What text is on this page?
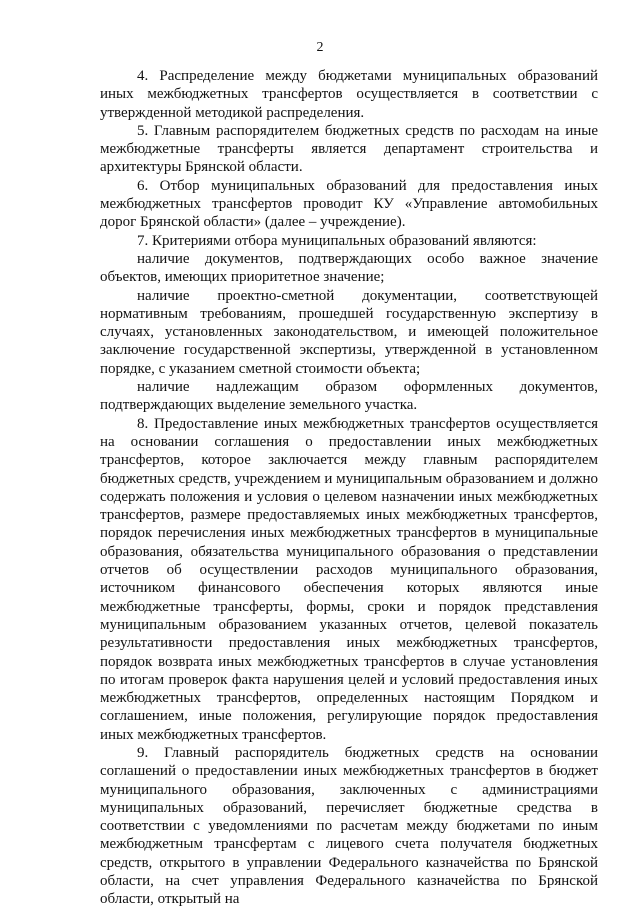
2

4. Распределение между бюджетами муниципальных образований иных межбюджетных трансфертов осуществляется в соответствии с утвержденной методикой распределения.

5. Главным распорядителем бюджетных средств по расходам на иные межбюджетные трансферты является департамент строительства и архитектуры Брянской области.

6. Отбор муниципальных образований для предоставления иных межбюджетных трансфертов проводит КУ «Управление автомобильных дорог Брянской области» (далее – учреждение).

7. Критериями отбора муниципальных образований являются:

наличие документов, подтверждающих особо важное значение объектов, имеющих приоритетное значение;

наличие проектно-сметной документации, соответствующей нормативным требованиям, прошедшей государственную экспертизу в случаях, установленных законодательством, и имеющей положительное заключение государственной экспертизы, утвержденной в установленном порядке, с указанием сметной стоимости объекта;

наличие надлежащим образом оформленных документов, подтверждающих выделение земельного участка.

8. Предоставление иных межбюджетных трансфертов осуществляется на основании соглашения о предоставлении иных межбюджетных трансфертов, которое заключается между главным распорядителем бюджетных средств, учреждением и муниципальным образованием и должно содержать положения и условия о целевом назначении иных межбюджетных трансфертов, размере предоставляемых иных межбюджетных трансфертов, порядок перечисления иных межбюджетных трансфертов в муниципальные образования, обязательства муниципального образования о представлении отчетов об осуществлении расходов муниципального образования, источником финансового обеспечения которых являются иные межбюджетные трансферты, формы, сроки и порядок представления муниципальным образованием указанных отчетов, целевой показатель результативности предоставления иных межбюджетных трансфертов, порядок возврата иных межбюджетных трансфертов в случае установления по итогам проверок факта нарушения целей и условий предоставления иных межбюджетных трансфертов, определенных настоящим Порядком и соглашением, иные положения, регулирующие порядок предоставления иных межбюджетных трансфертов.

9. Главный распорядитель бюджетных средств на основании соглашений о предоставлении иных межбюджетных трансфертов в бюджет муниципального образования, заключенных с администрациями муниципальных образований, перечисляет бюджетные средства в соответствии с уведомлениями по расчетам между бюджетами по иным межбюджетным трансфертам с лицевого счета получателя бюджетных средств, открытого в управлении Федерального казначейства по Брянской области, на счет управления Федерального казначейства по Брянской области, открытый на
